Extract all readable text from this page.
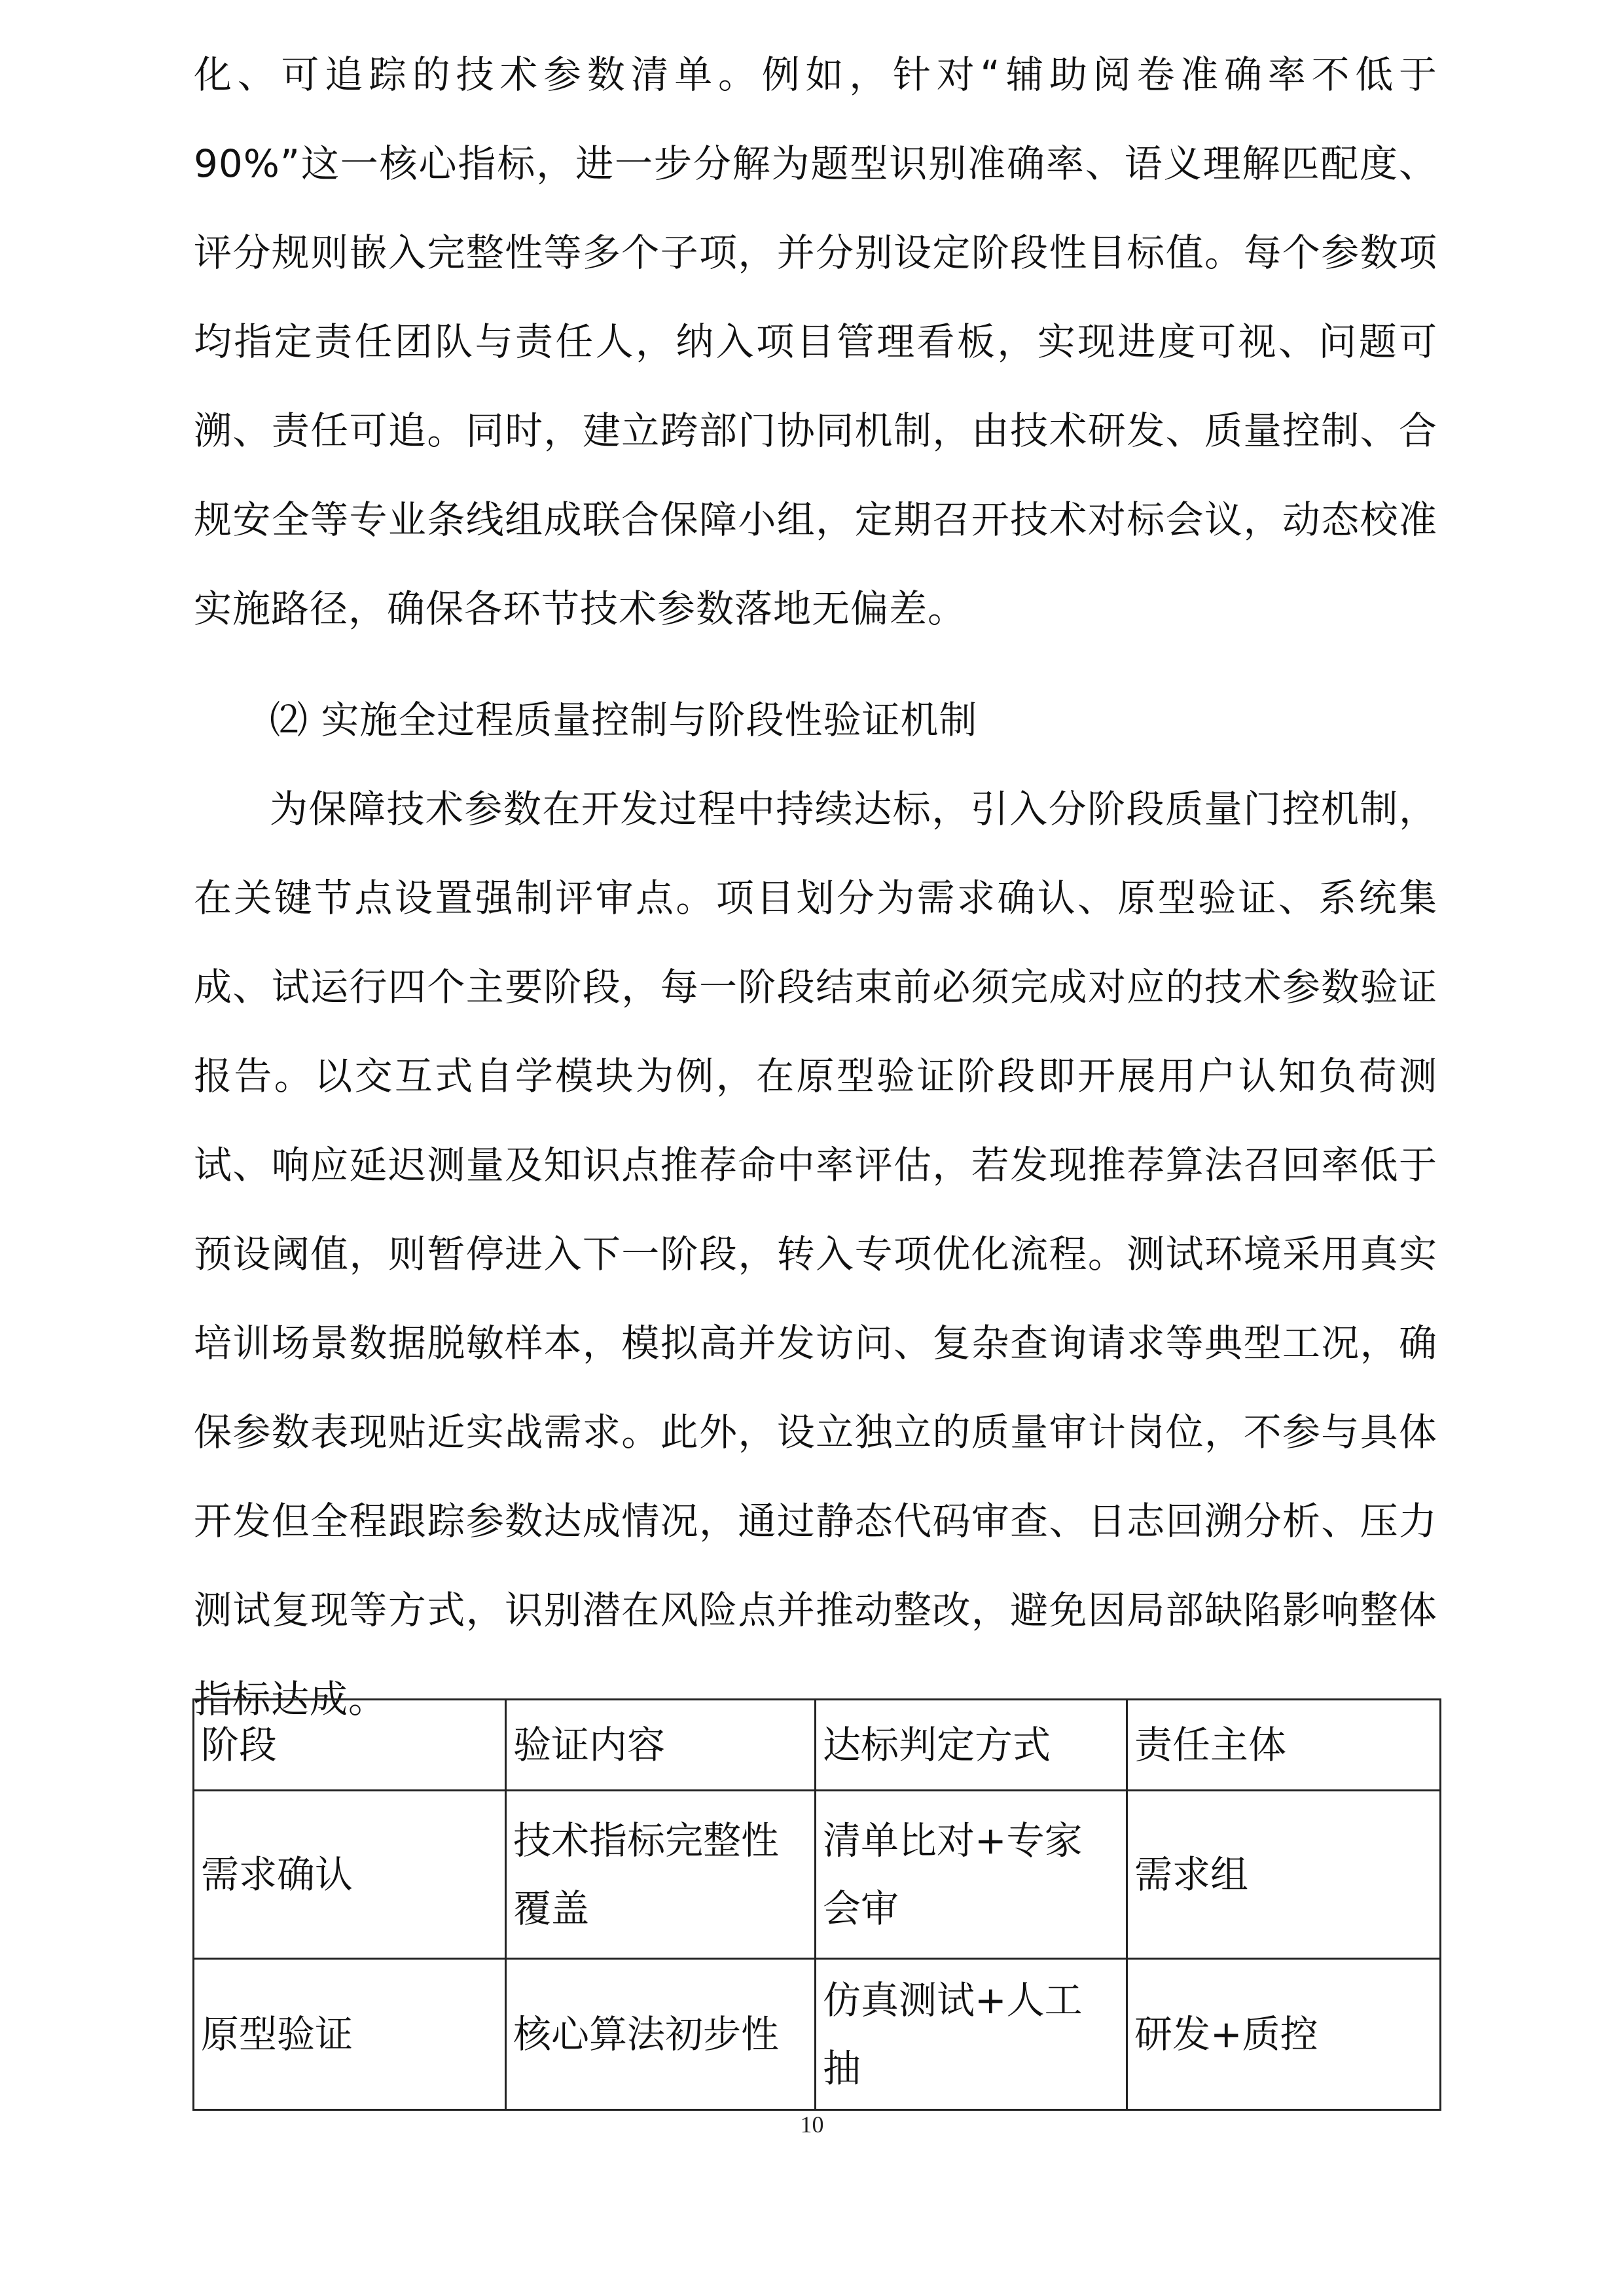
化、可追踪的技术参数清单。例如，针对“辅助阅卷准确率不低于 90%”这一核心指标，进一步分解为题型识别准确率、语义理解匹配度、评分规则嵌入完整性等多个子项，并分别设定阶段性目标值。每个参数项均指定责任团队与责任人，纳入项目管理看板，实现进度可视、问题可溯、责任可追。同时，建立跨部门协同机制，由技术研发、质量控制、合规安全等专业条线组成联合保障小组，定期召开技术对标会议，动态校准实施路径，确保各环节技术参数落地无偏差。

⑵ 实施全过程质量控制与阶段性验证机制

为保障技术参数在开发过程中持续达标，引入分阶段质量门控机制，在关键节点设置强制评审点。项目划分为需求确认、原型验证、系统集成、试运行四个主要阶段，每一阶段结束前必须完成对应的技术参数验证报告。以交互式自学模块为例，在原型验证阶段即开展用户认知负荷测试、响应延迟测量及知识点推荐命中率评估，若发现推荐算法召回率低于预设阈值，则暂停进入下一阶段，转入专项优化流程。测试环境采用真实培训场景数据脱敏样本，模拟高并发访问、复杂查询请求等典型工况，确保参数表现贴近实战需求。此外，设立独立的质量审计岗位，不参与具体开发但全程跟踪参数达成情况，通过静态代码审查、日志回溯分析、压力测试复现等方式，识别潜在风险点并推动整改，避免因局部缺陷影响整体指标达成。

阶段	验证内容	达标判定方式	责任主体
需求确认	技术指标完整性覆盖	清单比对+专家会审	需求组
原型验证	核心算法初步性	仿真测试+人工抽	研发+质控
10
